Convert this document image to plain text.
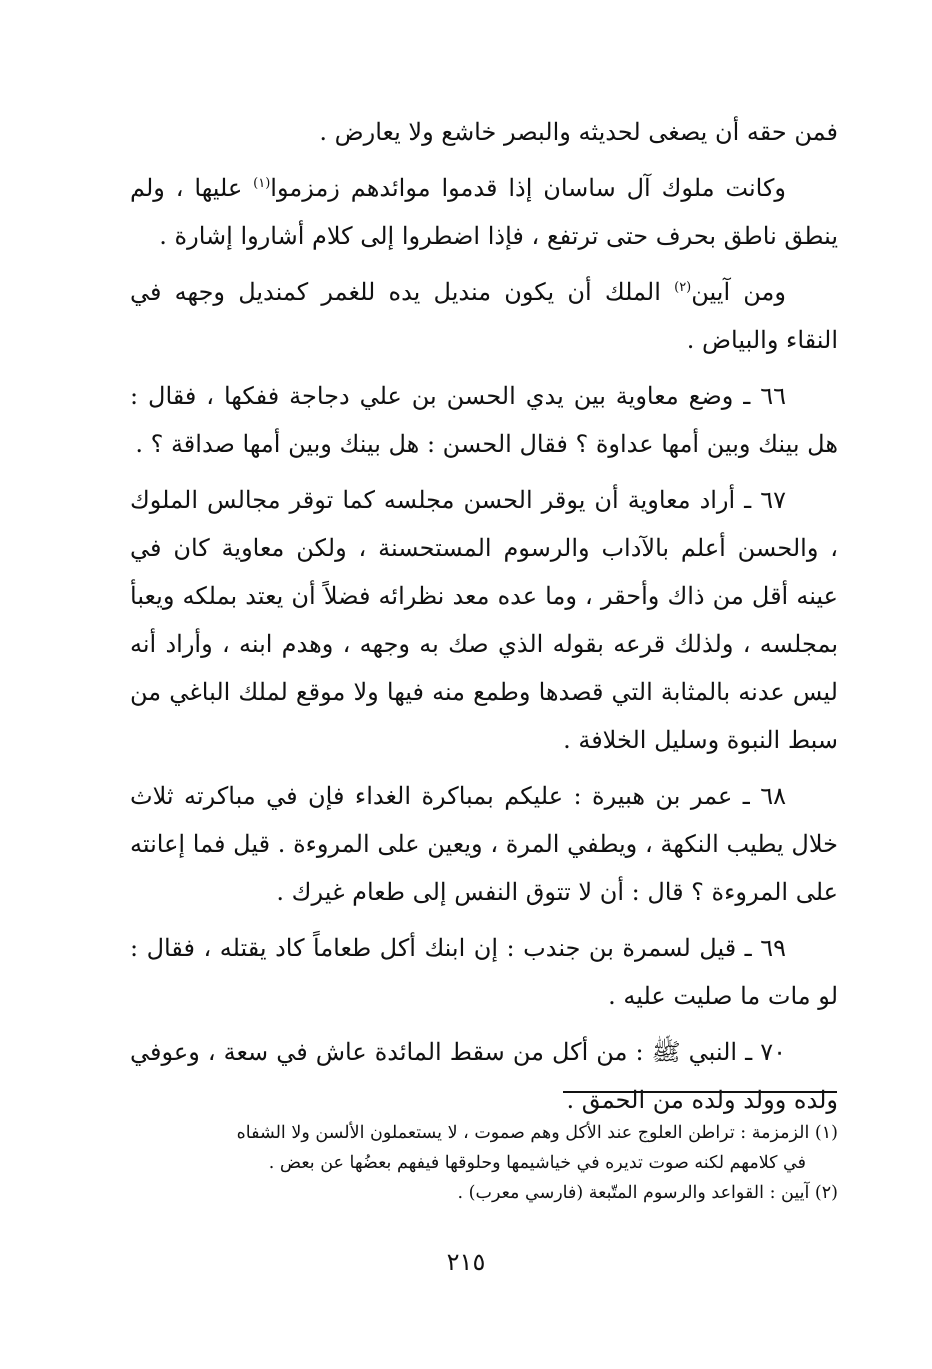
فمن حقه أن يصغى لحديثه والبصر خاشع ولا يعارض .

وكانت ملوك آل ساسان إذا قدموا موائدهم زمزموا$^{(١)}$ عليها ، ولم ينطق ناطق بحرف حتى ترتفع ، فإذا اضطروا إلى كلام أشاروا إشارة .

ومن آيين$^{(٢)}$ الملك أن يكون منديل يده للغمر كمنديل وجهه في النقاء والبياض .

٦٦ ـ وضع معاوية بين يدي الحسن بن علي دجاجة ففكها ، فقال : هل بينك وبين أمها عداوة ؟ فقال الحسن : هل بينك وبين أمها صداقة ؟ .

٦٧ ـ أراد معاوية أن يوقر الحسن مجلسه كما توقر مجالس الملوك ، والحسن أعلم بالآداب والرسوم المستحسنة ، ولكن معاوية كان في عينه أقل من ذاك وأحقر ، وما عده معد نظرائه فضلاً أن يعتد بملكه ويعبأ بمجلسه ، ولذلك قرعه بقوله الذي صك به وجهه ، وهدم ابنه ، وأراد أنه ليس عدنه بالمثابة التي قصدها وطمع منه فيها ولا موقع لملك الباغي من سبط النبوة وسليل الخلافة .

٦٨ ـ عمر بن هبيرة : عليكم بمباكرة الغداء فإن في مباكرته ثلاث خلال يطيب النكهة ، ويطفي المرة ، ويعين على المروءة . قيل فما إعانته على المروءة ؟ قال : أن لا تتوق النفس إلى طعام غيرك .

٦٩ ـ قيل لسمرة بن جندب : إن ابنك أكل طعاماً كاد يقتله ، فقال : لو مات ما صليت عليه .

٧٠ ـ النبي ﷺ : من أكل من سقط المائدة عاش في سعة ، وعوفي ولده وولد ولده من الحمق .

(١) الزمزمة : تراطن العلوج عند الأكل وهم صموت ، لا يستعملون الألسن ولا الشفاه

في كلامهم لكنه صوت تديره في خياشيمها وحلوقها فيفهم بعضُها عن بعض .

(٢) آيين : القواعد والرسوم المتّبعة (فارسي معرب) .

٢١٥
